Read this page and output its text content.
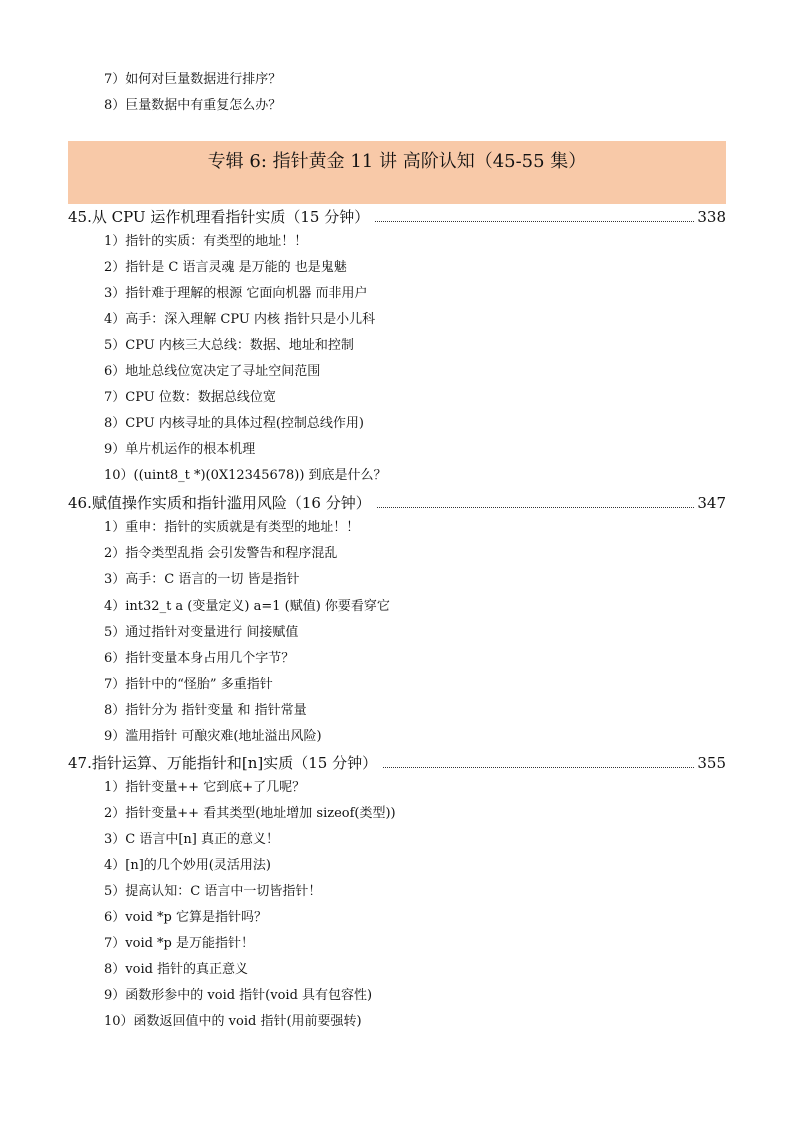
7）如何对巨量数据进行排序？
8）巨量数据中有重复怎么办？
专辑 6: 指针黄金 11 讲 高阶认知（45-55 集）
45.从 CPU 运作机理看指针实质（15 分钟）	338
1）指针的实质：有类型的地址！！
2）指针是 C 语言灵魂 是万能的 也是鬼魅
3）指针难于理解的根源 它面向机器 而非用户
4）高手：深入理解 CPU 内核 指针只是小儿科
5）CPU 内核三大总线：数据、地址和控制
6）地址总线位宽决定了寻址空间范围
7）CPU 位数：数据总线位宽
8）CPU 内核寻址的具体过程(控制总线作用)
9）单片机运作的根本机理
10）((uint8_t *)(0X12345678)) 到底是什么？
46.赋值操作实质和指针滥用风险（16 分钟）	347
1）重申：指针的实质就是有类型的地址！！
2）指令类型乱指 会引发警告和程序混乱
3）高手：C 语言的一切 皆是指针
4）int32_t a (变量定义) a=1 (赋值) 你要看穿它
5）通过指针对变量进行 间接赋值
6）指针变量本身占用几个字节？
7）指针中的“怪胎” 多重指针
8）指针分为 指针变量 和 指针常量
9）滥用指针 可酿灾难(地址溢出风险)
47.指针运算、万能指针和[n]实质（15 分钟）	355
1）指针变量++ 它到底+了几呢？
2）指针变量++ 看其类型(地址增加 sizeof(类型))
3）C 语言中[n] 真正的意义！
4）[n]的几个妙用(灵活用法)
5）提高认知：C 语言中一切皆指针！
6）void *p 它算是指针吗？
7）void *p 是万能指针！
8）void 指针的真正意义
9）函数形参中的 void 指针(void 具有包容性)
10）函数返回值中的 void 指针(用前要强转)
